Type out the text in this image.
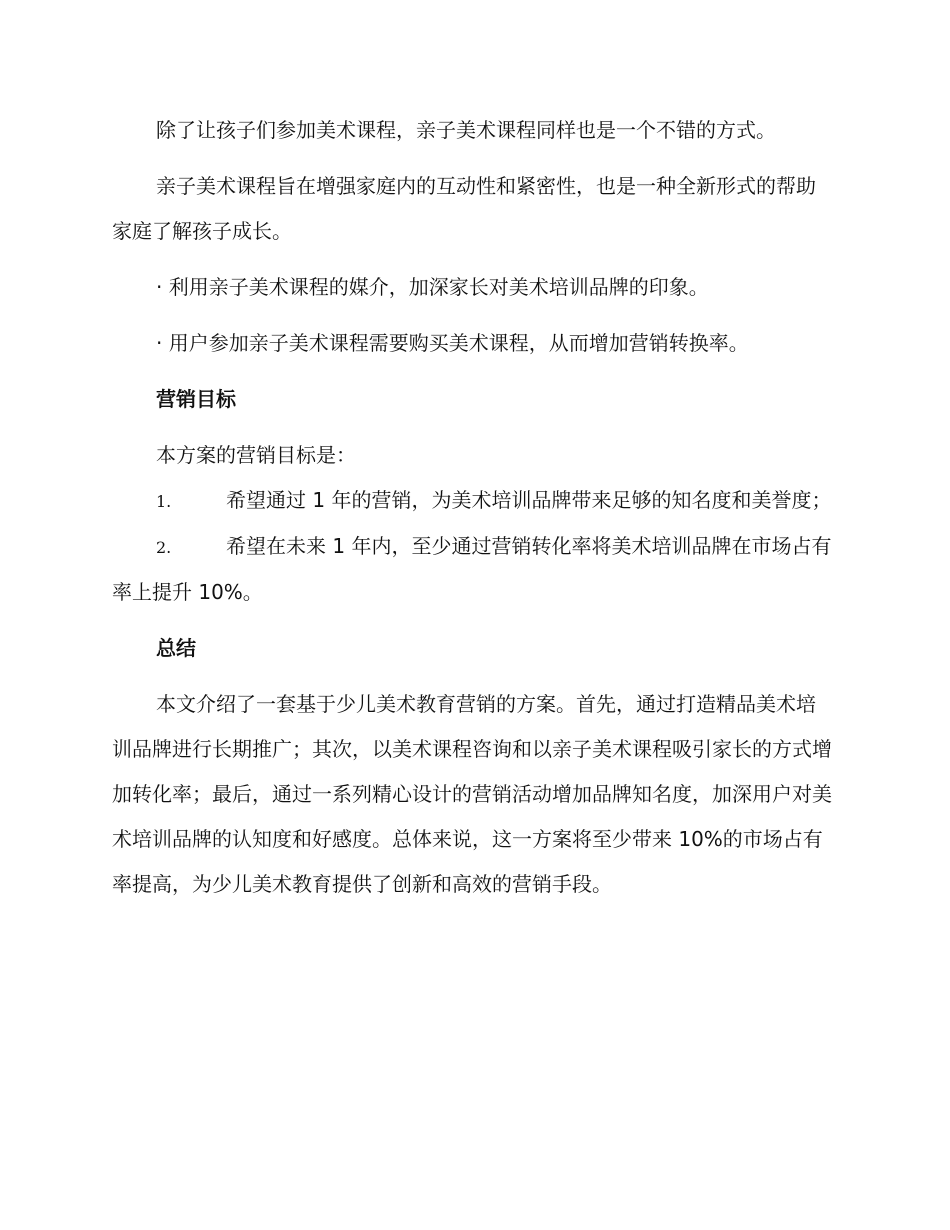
除了让孩子们参加美术课程，亲子美术课程同样也是一个不错的方式。

亲子美术课程旨在增强家庭内的互动性和紧密性，也是一种全新形式的帮助家庭了解孩子成长。

· 利用亲子美术课程的媒介，加深家长对美术培训品牌的印象。

· 用户参加亲子美术课程需要购买美术课程，从而增加营销转换率。

营销目标

本方案的营销目标是：

1.	希望通过 1 年的营销，为美术培训品牌带来足够的知名度和美誉度；

2.	希望在未来 1 年内，至少通过营销转化率将美术培训品牌在市场占有率上提升 10%。

总结

本文介绍了一套基于少儿美术教育营销的方案。首先，通过打造精品美术培训品牌进行长期推广；其次，以美术课程咨询和以亲子美术课程吸引家长的方式增加转化率；最后，通过一系列精心设计的营销活动增加品牌知名度，加深用户对美术培训品牌的认知度和好感度。总体来说，这一方案将至少带来 10%的市场占有率提高，为少儿美术教育提供了创新和高效的营销手段。
